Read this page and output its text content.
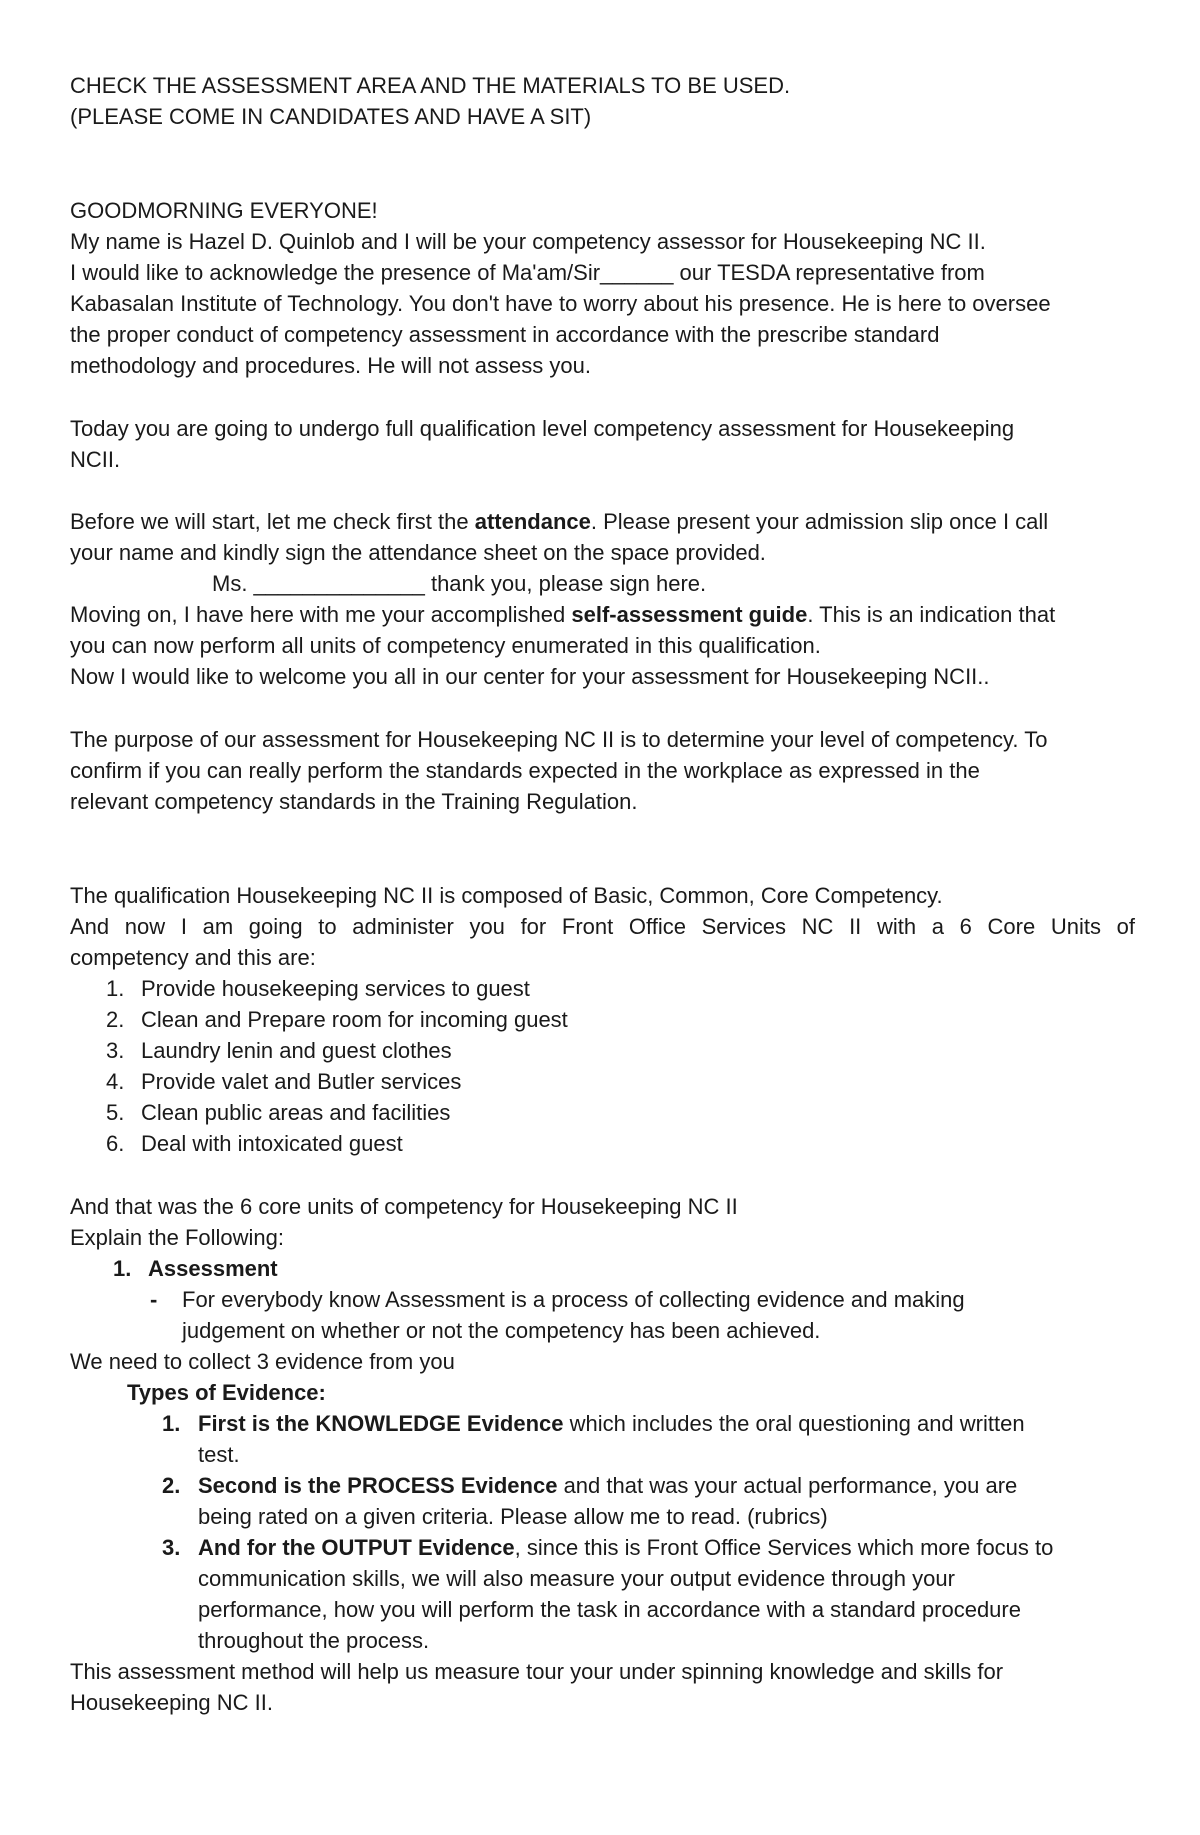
CHECK THE ASSESSMENT AREA AND THE MATERIALS TO BE USED.
(PLEASE COME IN CANDIDATES AND HAVE A SIT)
GOODMORNING EVERYONE!
My name is Hazel D. Quinlob and I will be your competency assessor for Housekeeping NC II.
I would like to acknowledge the presence of Ma'am/Sir______ our TESDA representative from
Kabasalan Institute of Technology. You don't have to worry about his presence. He is here to oversee
the proper conduct of competency assessment in accordance with the prescribe standard
methodology and procedures. He will not assess you.
Today you are going to undergo full qualification level competency assessment for Housekeeping
NCII.
Before we will start, let me check first the attendance. Please present your admission slip once I call
your name and kindly sign the attendance sheet on the space provided.
Ms. ______________ thank you, please sign here.
Moving on, I have here with me your accomplished self-assessment guide. This is an indication that
you can now perform all units of competency enumerated in this qualification.
Now I would like to welcome you all in our center for your assessment for Housekeeping NCII..
The purpose of our assessment for Housekeeping NC II is to determine your level of competency. To
confirm if you can really perform the standards expected in the workplace as expressed in the
relevant competency standards in the Training Regulation.
The qualification Housekeeping NC II is composed of Basic, Common, Core Competency.
And now I am going to administer you for Front Office Services NC II with a 6 Core Units of
competency and this are:
1. Provide housekeeping services to guest
2. Clean and Prepare room for incoming guest
3. Laundry lenin and guest clothes
4. Provide valet and Butler services
5. Clean public areas and facilities
6. Deal with intoxicated guest
And that was the 6 core units of competency for Housekeeping NC II
Explain the Following:
1. Assessment
- For everybody know Assessment is a process of collecting evidence and making
judgement on whether or not the competency has been achieved.
We need to collect 3 evidence from you
Types of Evidence:
1. First is the KNOWLEDGE Evidence which includes the oral questioning and written
test.
2. Second is the PROCESS Evidence and that was your actual performance, you are
being rated on a given criteria. Please allow me to read. (rubrics)
3. And for the OUTPUT Evidence, since this is Front Office Services which more focus to
communication skills, we will also measure your output evidence through your
performance, how you will perform the task in accordance with a standard procedure
throughout the process.
This assessment method will help us measure tour your under spinning knowledge and skills for
Housekeeping NC II.
